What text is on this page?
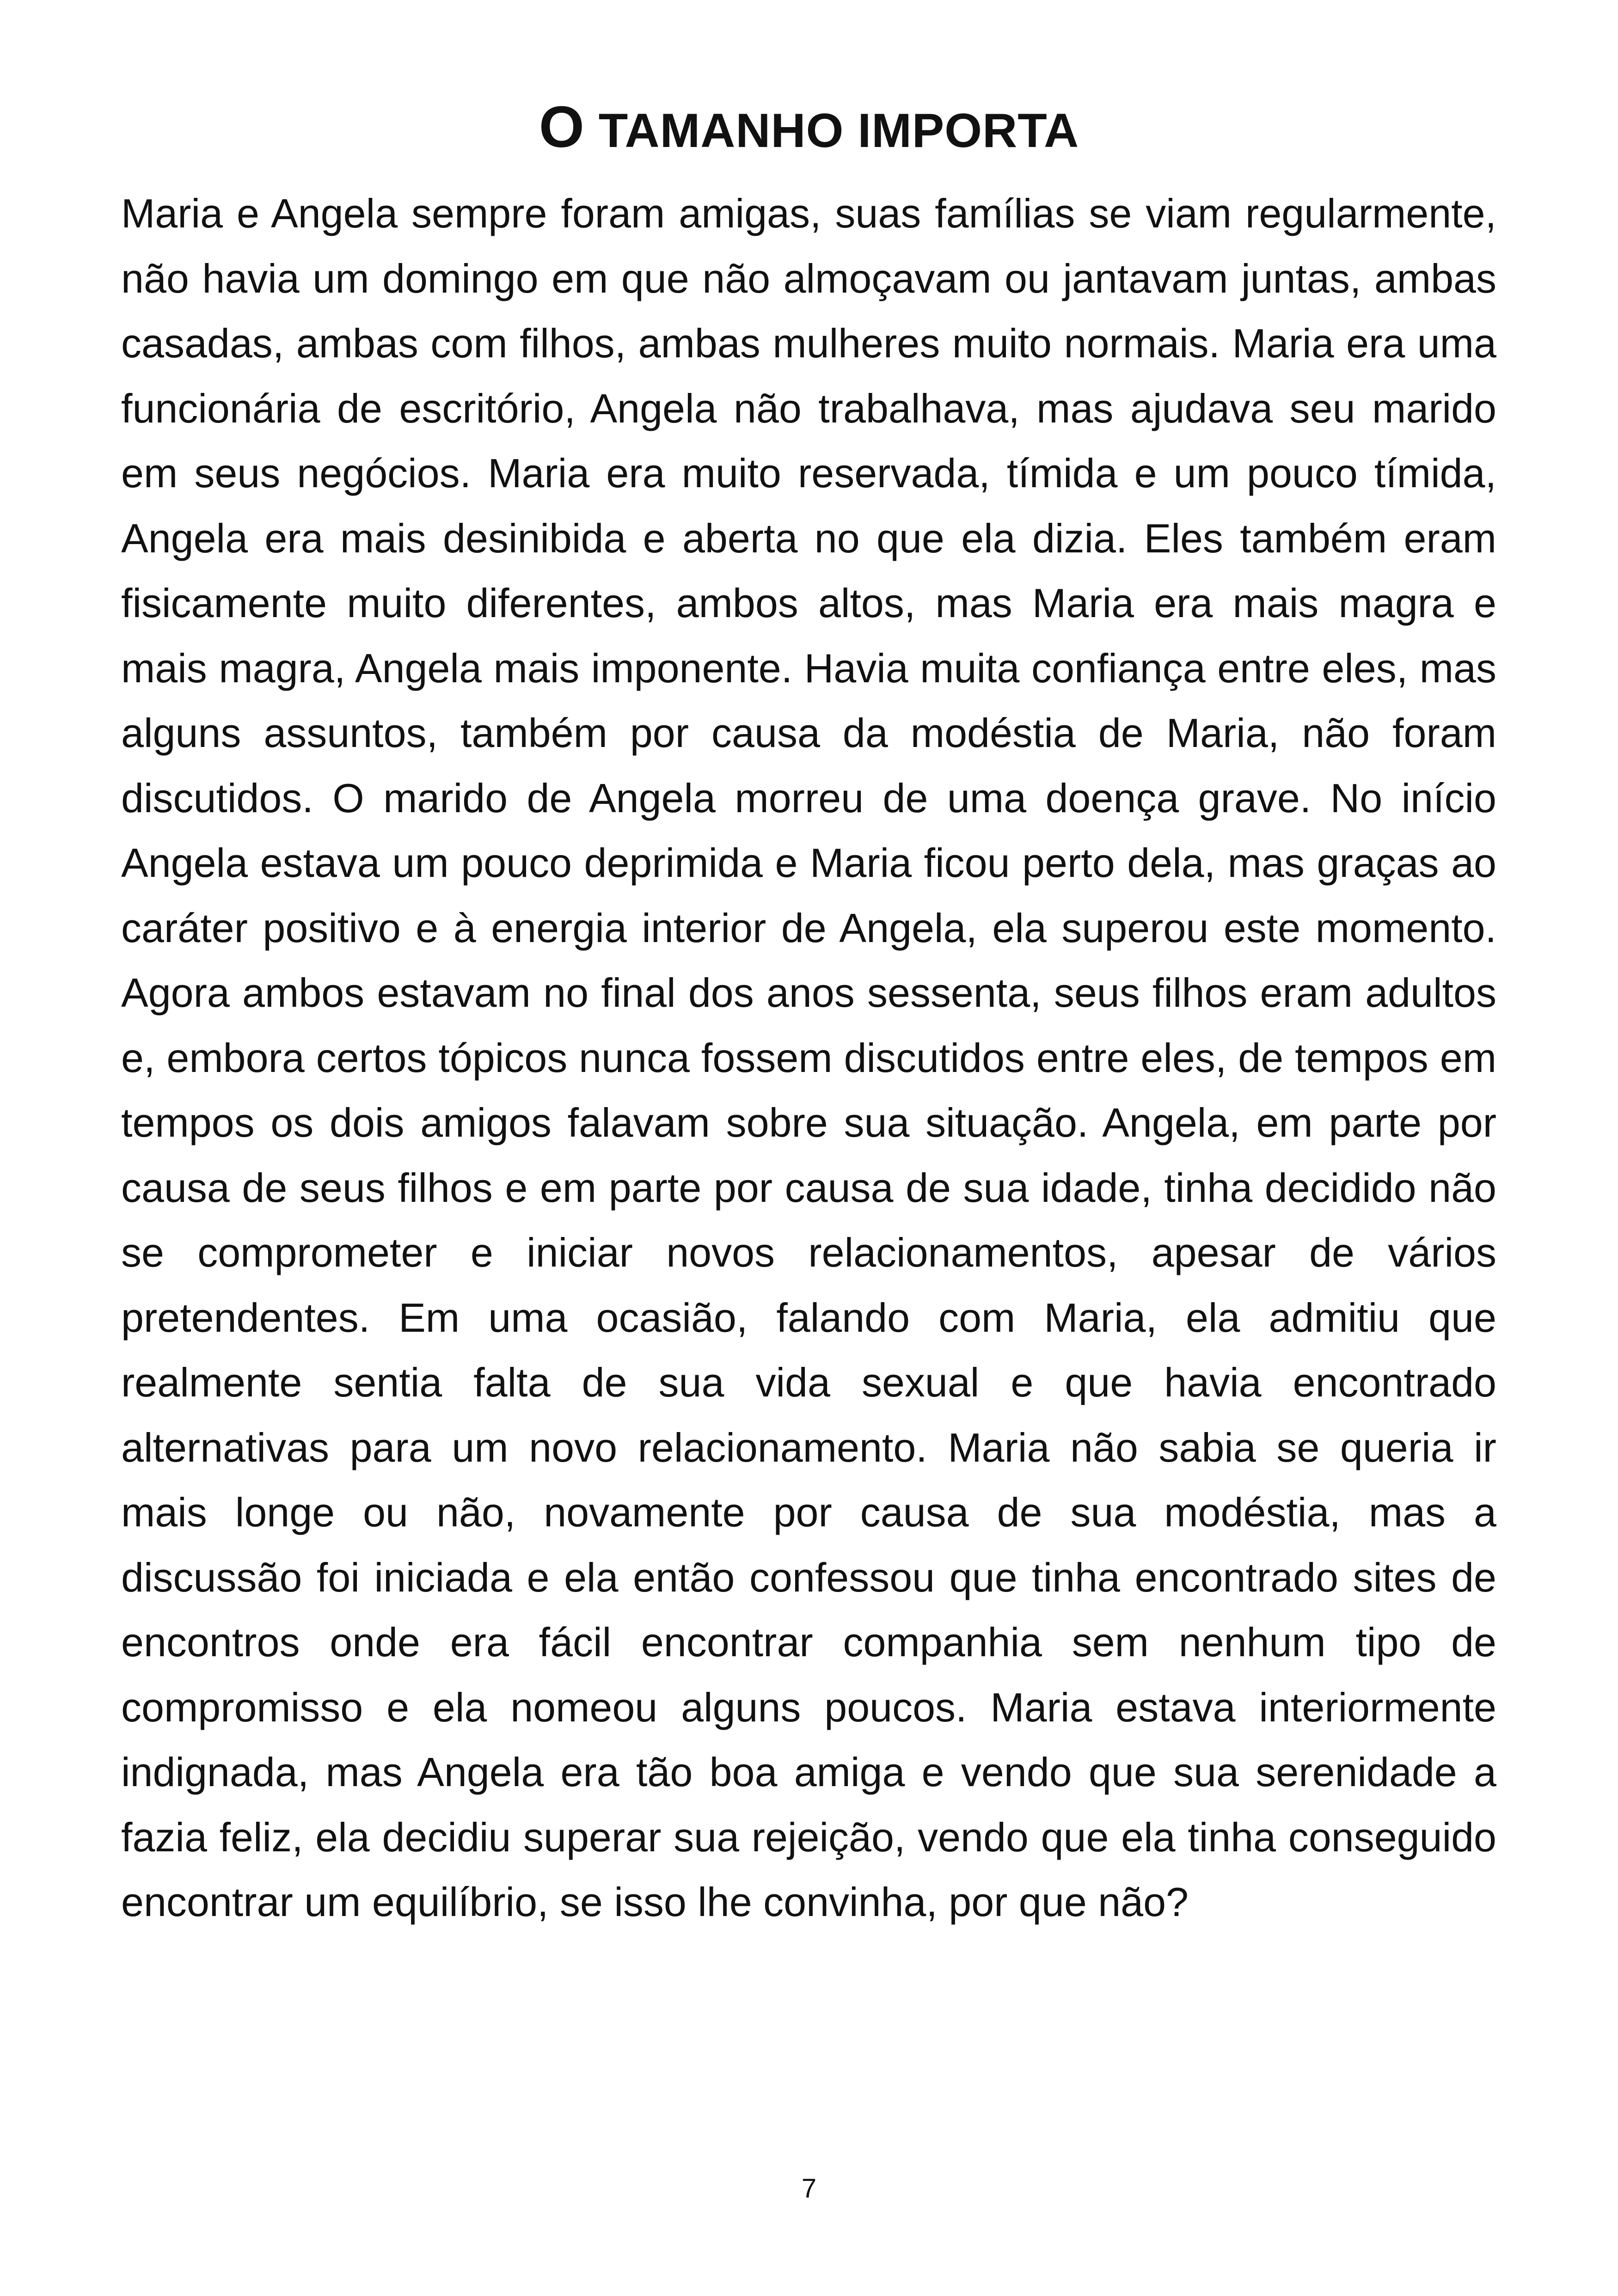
O TAMANHO IMPORTA

Maria e Angela sempre foram amigas, suas famílias se viam regularmente, não havia um domingo em que não almoçavam ou jantavam juntas, ambas casadas, ambas com filhos, ambas mulheres muito normais. Maria era uma funcionária de escritório, Angela não trabalhava, mas ajudava seu marido em seus negócios. Maria era muito reservada, tímida e um pouco tímida, Angela era mais desinibida e aberta no que ela dizia. Eles também eram fisicamente muito diferentes, ambos altos, mas Maria era mais magra e mais magra, Angela mais imponente. Havia muita confiança entre eles, mas alguns assuntos, também por causa da modéstia de Maria, não foram discutidos. O marido de Angela morreu de uma doença grave. No início Angela estava um pouco deprimida e Maria ficou perto dela, mas graças ao caráter positivo e à energia interior de Angela, ela superou este momento. Agora ambos estavam no final dos anos sessenta, seus filhos eram adultos e, embora certos tópicos nunca fossem discutidos entre eles, de tempos em tempos os dois amigos falavam sobre sua situação. Angela, em parte por causa de seus filhos e em parte por causa de sua idade, tinha decidido não se comprometer e iniciar novos relacionamentos, apesar de vários pretendentes. Em uma ocasião, falando com Maria, ela admitiu que realmente sentia falta de sua vida sexual e que havia encontrado alternativas para um novo relacionamento. Maria não sabia se queria ir mais longe ou não, novamente por causa de sua modéstia, mas a discussão foi iniciada e ela então confessou que tinha encontrado sites de encontros onde era fácil encontrar companhia sem nenhum tipo de compromisso e ela nomeou alguns poucos. Maria estava interiormente indignada, mas Angela era tão boa amiga e vendo que sua serenidade a fazia feliz, ela decidiu superar sua rejeição, vendo que ela tinha conseguido encontrar um equilíbrio, se isso lhe convinha, por que não?

7
